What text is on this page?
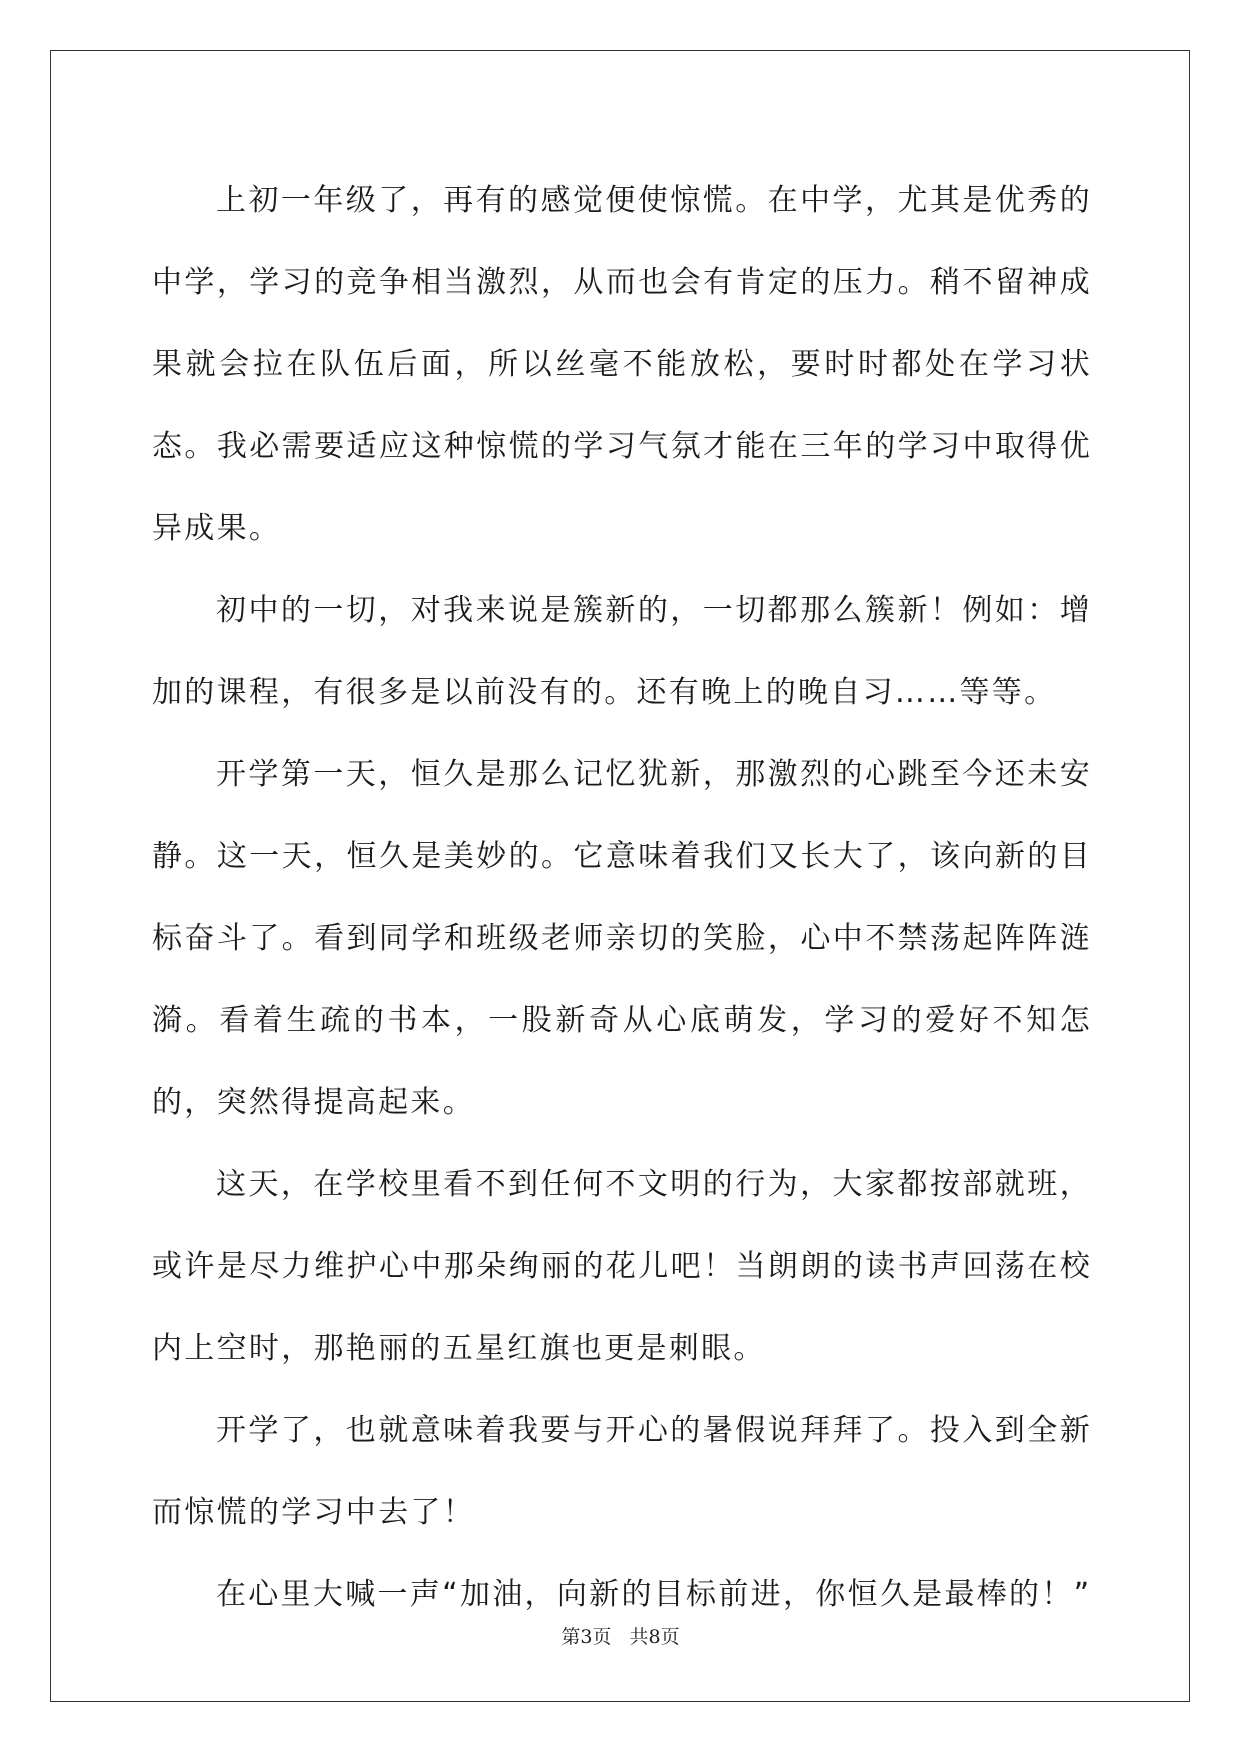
上初一年级了，再有的感觉便使惊慌。在中学，尤其是优秀的中学，学习的竞争相当激烈，从而也会有肯定的压力。稍不留神成果就会拉在队伍后面，所以丝毫不能放松，要时时都处在学习状态。我必需要适应这种惊慌的学习气氛才能在三年的学习中取得优异成果。

初中的一切，对我来说是簇新的，一切都那么簇新！例如：增加的课程，有很多是以前没有的。还有晚上的晚自习……等等。

开学第一天，恒久是那么记忆犹新，那激烈的心跳至今还未安静。这一天，恒久是美妙的。它意味着我们又长大了，该向新的目标奋斗了。看到同学和班级老师亲切的笑脸，心中不禁荡起阵阵涟漪。看着生疏的书本，一股新奇从心底萌发，学习的爱好不知怎的，突然得提高起来。

这天，在学校里看不到任何不文明的行为，大家都按部就班，或许是尽力维护心中那朵绚丽的花儿吧！当朗朗的读书声回荡在校内上空时，那艳丽的五星红旗也更是刺眼。

开学了，也就意味着我要与开心的暑假说拜拜了。投入到全新而惊慌的学习中去了！

在心里大喊一声“加油，向新的目标前进，你恒久是最棒的！”

第3页 共8页
